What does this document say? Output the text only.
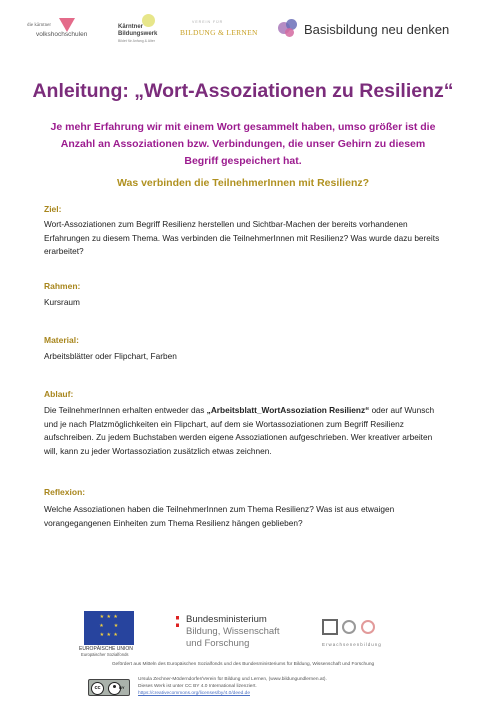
die kärntner
volkshochschulen
Kärntner
Bildungswerk
Bildet für Anfang & Alter
VEREIN FÜR
BILDUNG & LERNEN	Basisbildung neu denken
Anleitung: „Wort-Assoziationen zu Resilienz“
Je mehr Erfahrung wir mit einem Wort gesammelt haben, umso größer ist die Anzahl an Assoziationen bzw. Verbindungen, die unser Gehirn zu diesem Begriff gespeichert hat.
Was verbinden die TeilnehmerInnen mit Resilienz?
Ziel:
Wort-Assoziationen zum Begriff Resilienz herstellen und Sichtbar-Machen der bereits vorhandenen Erfahrungen zu diesem Thema. Was verbinden die TeilnehmerInnen mit Resilienz? Was wurde dazu bereits erarbeitet?
Rahmen:
Kursraum
Material:
Arbeitsblätter oder Flipchart, Farben
Ablauf:
Die TeilnehmerInnen erhalten entweder das „Arbeitsblatt_WortAssoziation Resilienz“ oder auf Wunsch und je nach Platzmöglichkeiten ein Flipchart, auf dem sie Wortassoziationen zum Begriff Resilienz aufschreiben. Zu jedem Buchstaben werden eigene Assoziationen aufgeschrieben. Wer kreativer arbeiten will, kann zu jeder Wortassoziation zusätzlich etwas zeichnen.
Reflexion:
Welche Assoziationen haben die TeilnehmerInnen zum Thema Resilienz? Was ist aus etwaigen vorangegangenen Einheiten zum Thema Resilienz hängen geblieben?
★ ★ ★
★     ★
★ ★ ★
EUROPÄISCHE UNION
Europäischer Sozialfonds
Bundesministerium
Bildung, Wissenschaft
und Forschung	Erwachsenenbildung
Gefördert aus Mitteln des Europäischen Sozialfonds und des Bundesministeriums für Bildung, Wissenschaft und Forschung
cc	BY
Ursula Zechner-Möderndorfer/Verein für Bildung und Lernen, (www.bildungundlernen.at).
Dieses Werk ist unter CC BY 4.0 International lizenziert.
https://creativecommons.org/licenses/by/4.0/deed.de
